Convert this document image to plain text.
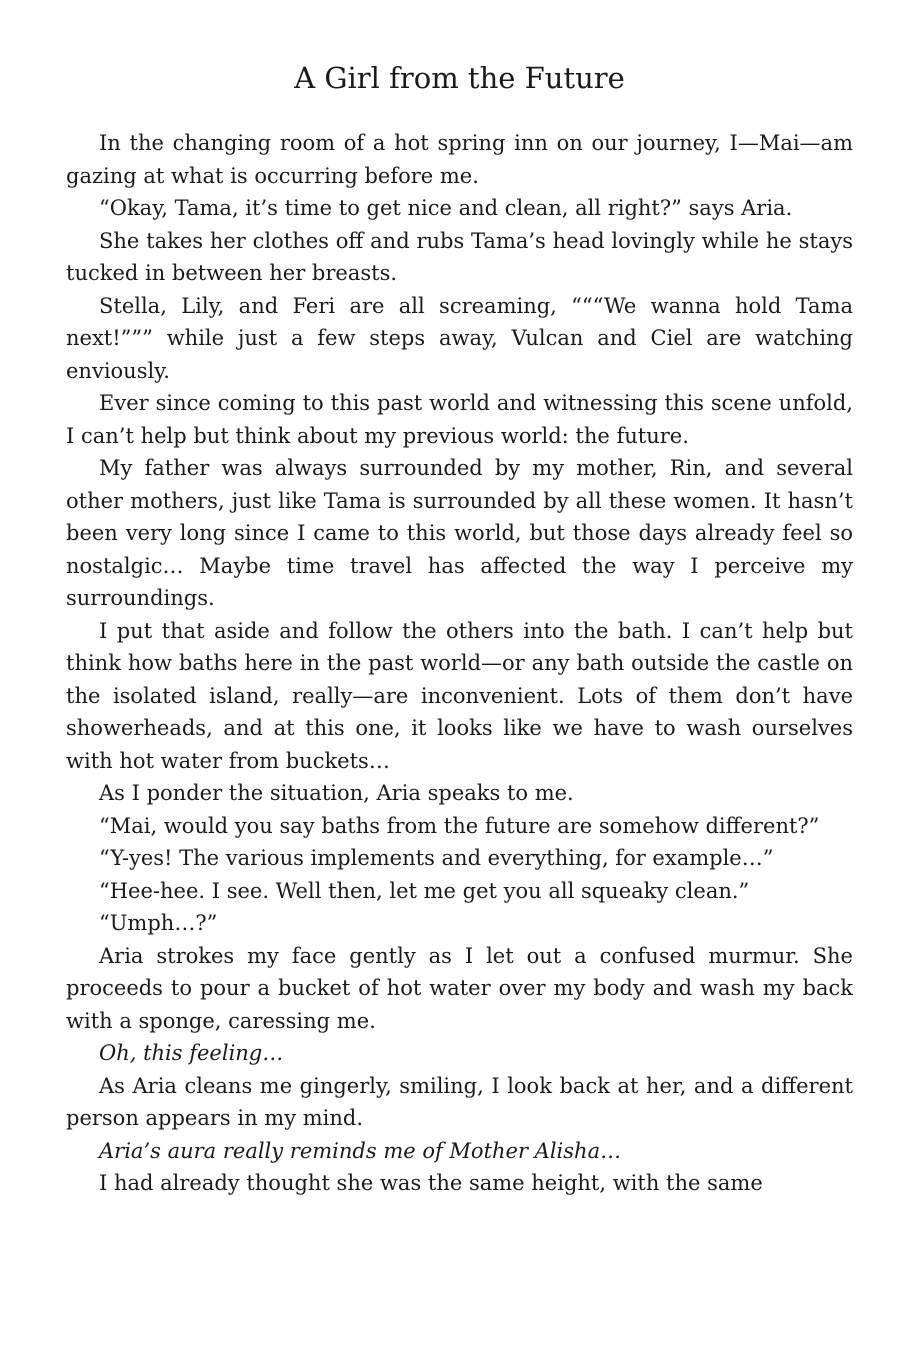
A Girl from the Future

In the changing room of a hot spring inn on our journey, I—Mai—am gazing at what is occurring before me.

“Okay, Tama, it’s time to get nice and clean, all right?” says Aria.

She takes her clothes off and rubs Tama’s head lovingly while he stays tucked in between her breasts.

Stella, Lily, and Feri are all screaming, “““We wanna hold Tama next!””” while just a few steps away, Vulcan and Ciel are watching enviously.

Ever since coming to this past world and witnessing this scene unfold, I can’t help but think about my previous world: the future.

My father was always surrounded by my mother, Rin, and several other mothers, just like Tama is surrounded by all these women. It hasn’t been very long since I came to this world, but those days already feel so nostalgic… Maybe time travel has affected the way I perceive my surroundings.

I put that aside and follow the others into the bath. I can’t help but think how baths here in the past world—or any bath outside the castle on the isolated island, really—are inconvenient. Lots of them don’t have showerheads, and at this one, it looks like we have to wash ourselves with hot water from buckets…

As I ponder the situation, Aria speaks to me.

“Mai, would you say baths from the future are somehow different?”

“Y-yes! The various implements and everything, for example…”

“Hee-hee. I see. Well then, let me get you all squeaky clean.”

“Umph…?”

Aria strokes my face gently as I let out a confused murmur. She proceeds to pour a bucket of hot water over my body and wash my back with a sponge, caressing me.

Oh, this feeling…

As Aria cleans me gingerly, smiling, I look back at her, and a different person appears in my mind.

Aria’s aura really reminds me of Mother Alisha…

I had already thought she was the same height, with the same
